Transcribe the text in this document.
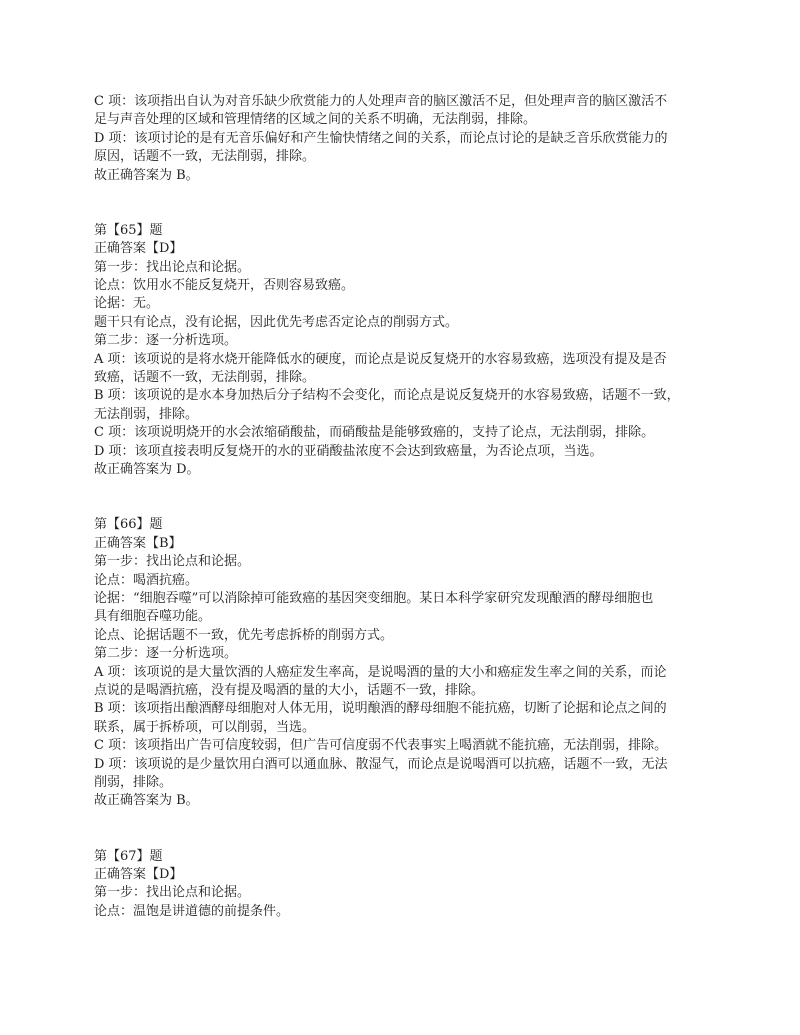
C 项：该项指出自认为对音乐缺少欣赏能力的人处理声音的脑区激活不足，但处理声音的脑区激活不

足与声音处理的区域和管理情绪的区域之间的关系不明确，无法削弱，排除。

D 项：该项讨论的是有无音乐偏好和产生愉快情绪之间的关系，而论点讨论的是缺乏音乐欣赏能力的

原因，话题不一致，无法削弱，排除。

故正确答案为 B。

第【65】题

正确答案【D】

第一步：找出论点和论据。

论点：饮用水不能反复烧开，否则容易致癌。

论据：无。

题干只有论点，没有论据，因此优先考虑否定论点的削弱方式。

第二步：逐一分析选项。

A 项：该项说的是将水烧开能降低水的硬度，而论点是说反复烧开的水容易致癌，选项没有提及是否

致癌，话题不一致，无法削弱，排除。

B 项：该项说的是水本身加热后分子结构不会变化，而论点是说反复烧开的水容易致癌，话题不一致，

无法削弱，排除。

C 项：该项说明烧开的水会浓缩硝酸盐，而硝酸盐是能够致癌的，支持了论点，无法削弱，排除。

D 项：该项直接表明反复烧开的水的亚硝酸盐浓度不会达到致癌量，为否论点项，当选。

故正确答案为 D。

第【66】题

正确答案【B】

第一步：找出论点和论据。

论点：喝酒抗癌。

论据：“细胞吞噬”可以消除掉可能致癌的基因突变细胞。某日本科学家研究发现酿酒的酵母细胞也

具有细胞吞噬功能。

论点、论据话题不一致，优先考虑拆桥的削弱方式。

第二步：逐一分析选项。

A 项：该项说的是大量饮酒的人癌症发生率高，是说喝酒的量的大小和癌症发生率之间的关系，而论

点说的是喝酒抗癌，没有提及喝酒的量的大小，话题不一致，排除。

B 项：该项指出酿酒酵母细胞对人体无用，说明酿酒的酵母细胞不能抗癌，切断了论据和论点之间的

联系，属于拆桥项，可以削弱，当选。

C 项：该项指出广告可信度较弱，但广告可信度弱不代表事实上喝酒就不能抗癌，无法削弱，排除。

D 项：该项说的是少量饮用白酒可以通血脉、散湿气，而论点是说喝酒可以抗癌，话题不一致，无法

削弱，排除。

故正确答案为 B。

第【67】题

正确答案【D】

第一步：找出论点和论据。

论点：温饱是讲道德的前提条件。
